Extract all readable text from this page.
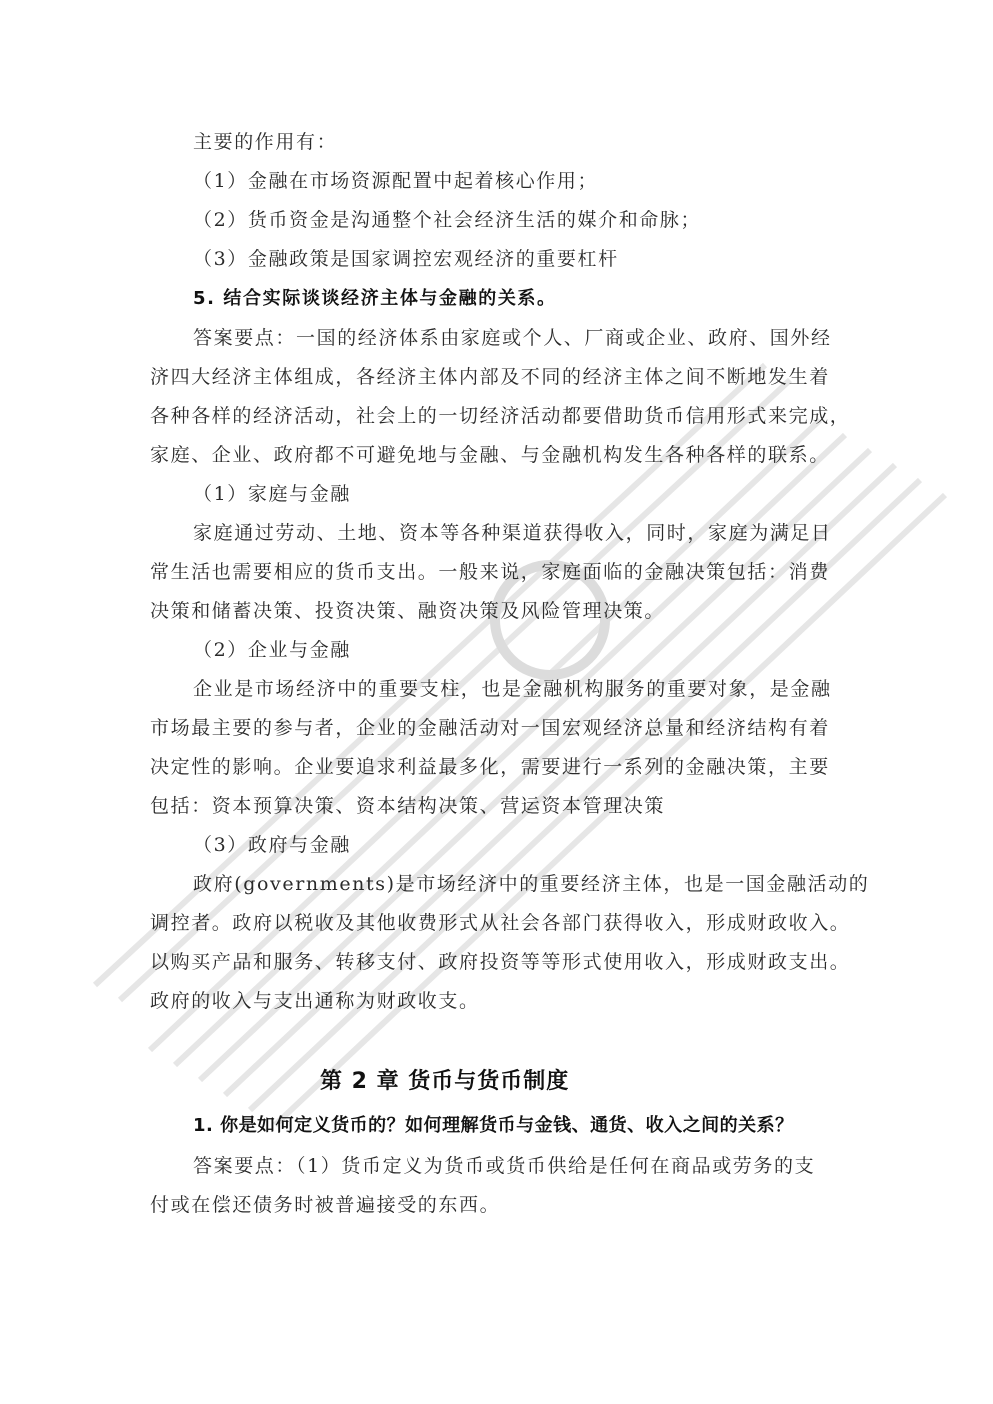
主要的作用有：
（1）金融在市场资源配置中起着核心作用；
（2）货币资金是沟通整个社会经济生活的媒介和命脉；
（3）金融政策是国家调控宏观经济的重要杠杆
5. 结合实际谈谈经济主体与金融的关系。
答案要点：一国的经济体系由家庭或个人、厂商或企业、政府、国外经
济四大经济主体组成，各经济主体内部及不同的经济主体之间不断地发生着
各种各样的经济活动，社会上的一切经济活动都要借助货币信用形式来完成，
家庭、企业、政府都不可避免地与金融、与金融机构发生各种各样的联系。
（1）家庭与金融
家庭通过劳动、土地、资本等各种渠道获得收入，同时，家庭为满足日
常生活也需要相应的货币支出。一般来说，家庭面临的金融决策包括：消费
决策和储蓄决策、投资决策、融资决策及风险管理决策。
（2）企业与金融
企业是市场经济中的重要支柱，也是金融机构服务的重要对象，是金融
市场最主要的参与者，企业的金融活动对一国宏观经济总量和经济结构有着
决定性的影响。企业要追求利益最多化，需要进行一系列的金融决策，主要
包括：资本预算决策、资本结构决策、营运资本管理决策
（3）政府与金融
政府(governments)是市场经济中的重要经济主体，也是一国金融活动的
调控者。政府以税收及其他收费形式从社会各部门获得收入，形成财政收入。
以购买产品和服务、转移支付、政府投资等等形式使用收入，形成财政支出。
政府的收入与支出通称为财政收支。
第 2 章 货币与货币制度
1. 你是如何定义货币的？如何理解货币与金钱、通货、收入之间的关系？
答案要点：（1）货币定义为货币或货币供给是任何在商品或劳务的支
付或在偿还债务时被普遍接受的东西。
